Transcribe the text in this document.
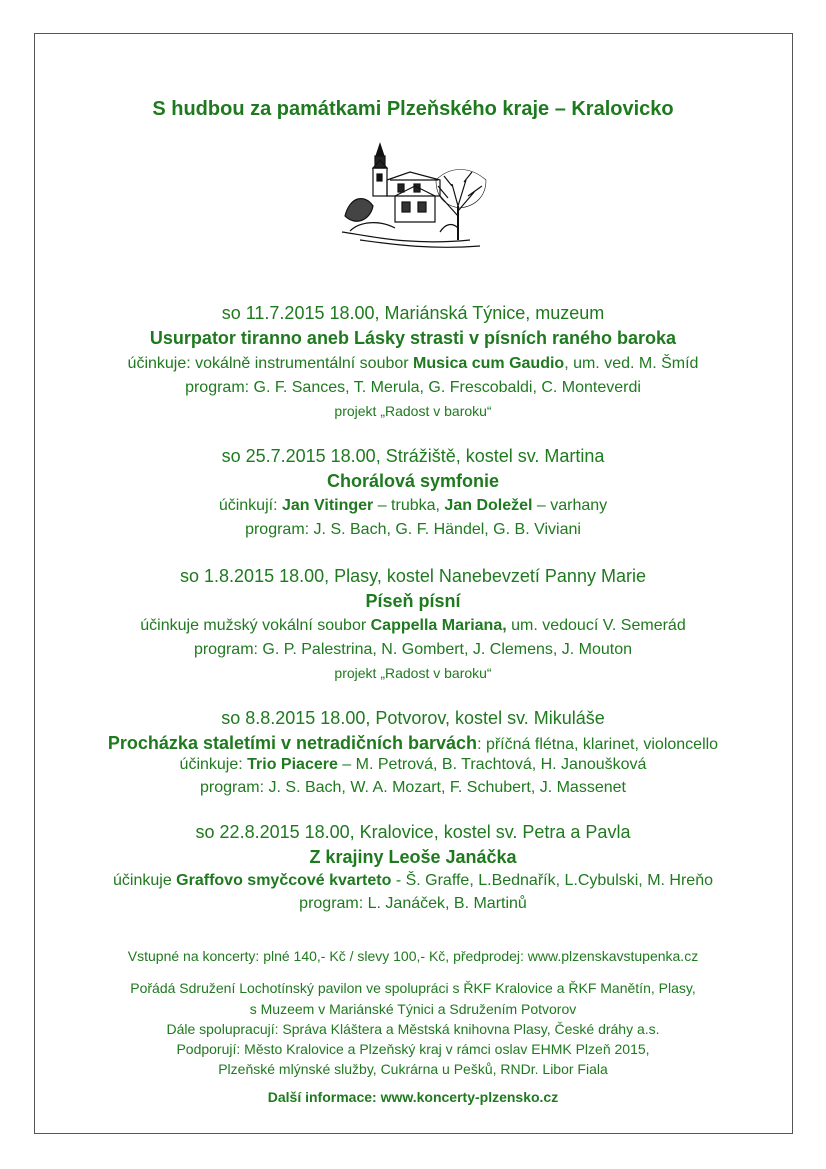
S hudbou za památkami Plzeňského kraje – Kralovicko
so 11.7.2015 18.00, Mariánská Týnice, muzeum
Usurpator tiranno aneb Lásky strasti v písních raného baroka
účinkuje: vokálně instrumentální soubor Musica cum Gaudio, um. ved. M. Šmíd
program: G. F. Sances, T. Merula, G. Frescobaldi, C. Monteverdi
projekt „Radost v baroku“
so 25.7.2015 18.00, Strážiště, kostel sv. Martina
Chorálová symfonie
účinkují: Jan Vitinger – trubka, Jan Doležel – varhany
program: J. S. Bach, G. F. Händel, G. B. Viviani
so 1.8.2015 18.00, Plasy, kostel Nanebevzetí Panny Marie
Píseň písní
účinkuje mužský vokální soubor Cappella Mariana, um. vedoucí V. Semerád
program: G. P. Palestrina, N. Gombert, J. Clemens, J. Mouton
projekt „Radost v baroku“
so 8.8.2015 18.00, Potvorov, kostel sv. Mikuláše
Procházka staletími v netradičních barvách: příčná flétna, klarinet, violoncello
účinkuje: Trio Piacere – M. Petrová, B. Trachtová, H. Janoušková
program: J. S. Bach, W. A. Mozart, F. Schubert, J. Massenet
so 22.8.2015 18.00, Kralovice, kostel sv. Petra a Pavla
Z krajiny Leoše Janáčka
účinkuje Graffovo smyčcové kvarteto - Š. Graffe, L.Bednařík, L.Cybulski, M. Hreňo
program: L. Janáček, B. Martinů
Vstupné na koncerty: plné 140,- Kč / slevy 100,- Kč, předprodej: www.plzenskavstupenka.cz
Pořádá Sdružení Lochotínský pavilon ve spolupráci s ŘKF Kralovice a ŘKF Manětín, Plasy,
s Muzeem v Mariánské Týnici a Sdružením Potvorov
Dále spolupracují: Správa Kláštera a Městská knihovna Plasy, České dráhy a.s.
Podporují: Město Kralovice a Plzeňský kraj v rámci oslav EHMK Plzeň 2015,
Plzeňské mlýnské služby, Cukrárna u Pešků, RNDr. Libor Fiala
Další informace: www.koncerty-plzensko.cz
